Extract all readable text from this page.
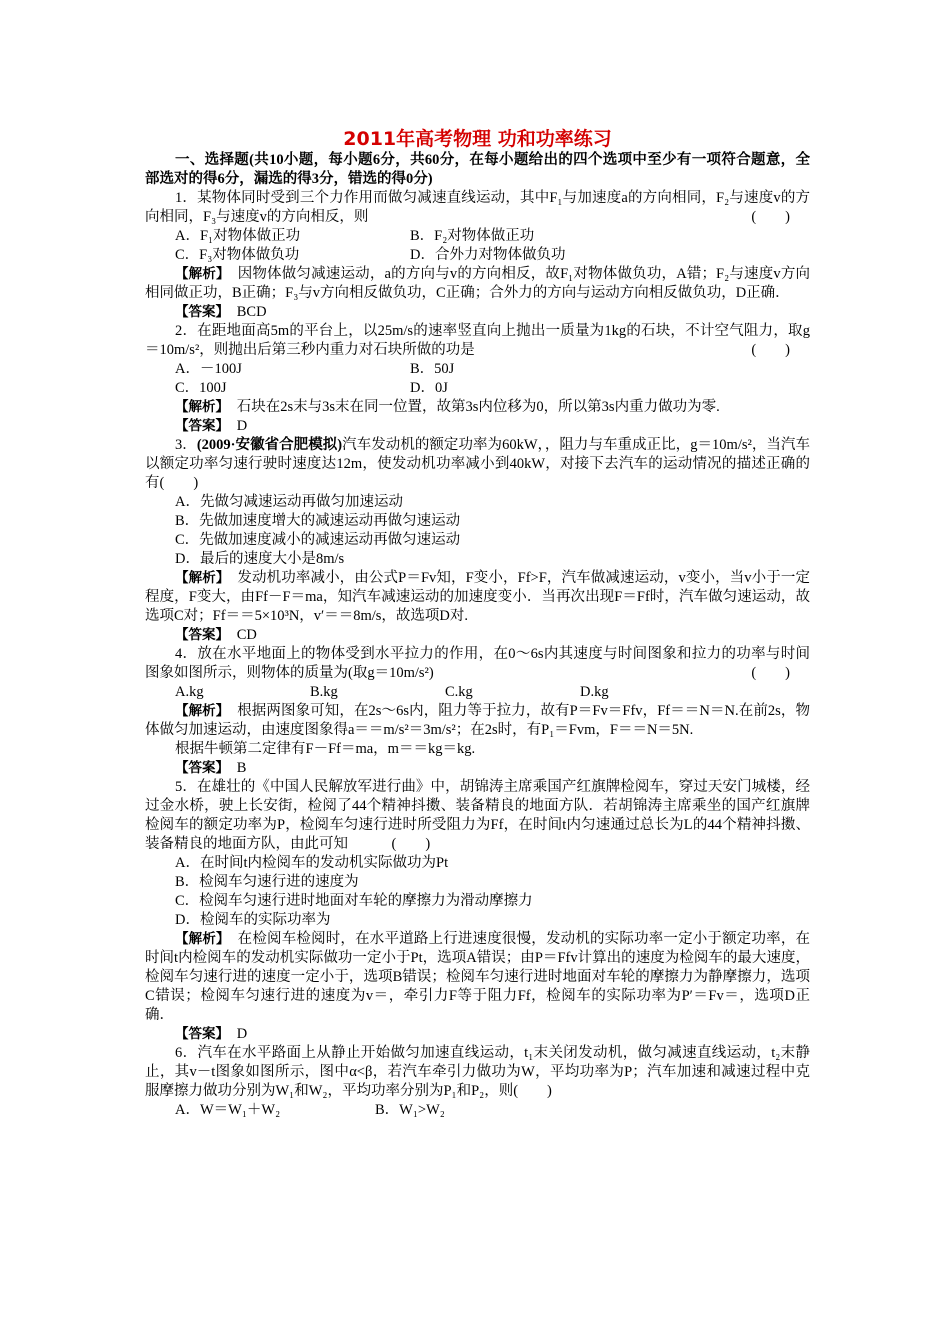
2011年高考物理 功和功率练习

一、选择题(共10小题，每小题6分，共60分，在每小题给出的四个选项中至少有一项符合题意，全部选对的得6分，漏选的得3分，错选的得0分)

1．某物体同时受到三个力作用而做匀减速直线运动，其中F₁与加速度a的方向相同，F₂与速度v的方向相同，F₃与速度v的方向相反，则	(　　)

A．F₁对物体做正功	B．F₂对物体做正功
C．F₃对物体做负功	D．合外力对物体做负功

【解析】　 因物体做匀减速运动，a的方向与v的方向相反，故F₁对物体做负功，A错；F₂与速度v方向相同做正功，B正确；F₃与v方向相反做负功，C正确；合外力的方向与运动方向相反做负功，D正确．

【答案】　 BCD

2．在距地面高5m的平台上，以25m/s的速率竖直向上抛出一质量为1kg的石块，不计空气阻力，取g＝10m/s²，则抛出后第三秒内重力对石块所做的功是	(　　)

A．－100J	B．50J
C．100J	D．0J

【解析】　 石块在2s末与3s末在同一位置，故第3s内位移为0，所以第3s内重力做功为零.

【答案】　 D

3．(2009·安徽省合肥模拟)汽车发动机的额定功率为60kW，，阻力与车重成正比，g＝10m/s²，当汽车以额定功率匀速行驶时速度达12m，使发动机功率减小到40kW，对接下去汽车的运动情况的描述正确的有(　　)

A．先做匀减速运动再做匀加速运动

B．先做加速度增大的减速运动再做匀速运动

C．先做加速度减小的减速运动再做匀速运动

D．最后的速度大小是8m/s

【解析】　 发动机功率减小，由公式P＝Fv知，F变小，Ff>F，汽车做减速运动，v变小，当v小于一定程度，F变大，由Ff－F＝ma，知汽车减速运动的加速度变小．当再次出现F＝Ff时，汽车做匀速运动，故选项C对；Ff＝＝5×10³N，v′＝＝8m/s，故选项D对.

【答案】　 CD

4．放在水平地面上的物体受到水平拉力的作用，在0～6s内其速度与时间图象和拉力的功率与时间图象如图所示，则物体的质量为(取g＝10m/s²)	(　　)

A.kg	B.kg	C.kg	D.kg

【解析】　 根据两图象可知，在2s～6s内，阻力等于拉力，故有P＝Fv＝Ffv，Ff＝＝N＝N.在前2s，物体做匀加速运动，由速度图象得a＝＝m/s²＝3m/s²；在2s时，有P₁＝Fvm，F＝＝N＝5N.

根据牛顿第二定律有F－Ff＝ma，m＝＝kg＝kg.

【答案】　 B

5．在雄壮的《中国人民解放军进行曲》中，胡锦涛主席乘国产红旗牌检阅车，穿过天安门城楼，经过金水桥，驶上长安街，检阅了44个精神抖擞、装备精良的地面方队．若胡锦涛主席乘坐的国产红旗牌检阅车的额定功率为P，检阅车匀速行进时所受阻力为Ff，在时间t内匀速通过总长为L的44个精神抖擞、装备精良的地面方队，由此可知　　　(　　)

A．在时间t内检阅车的发动机实际做功为Pt

B．检阅车匀速行进的速度为

C．检阅车匀速行进时地面对车轮的摩擦力为滑动摩擦力

D．检阅车的实际功率为

【解析】　 在检阅车检阅时，在水平道路上行进速度很慢，发动机的实际功率一定小于额定功率，在时间t内检阅车的发动机实际做功一定小于Pt，选项A错误；由P＝Ffv计算出的速度为检阅车的最大速度，检阅车匀速行进的速度一定小于，选项B错误；检阅车匀速行进时地面对车轮的摩擦力为静摩擦力，选项C错误；检阅车匀速行进的速度为v＝，牵引力F等于阻力Ff，检阅车的实际功率为P′＝Fv＝，选项D正确．

【答案】　 D

6．汽车在水平路面上从静止开始做匀加速直线运动，t₁末关闭发动机，做匀减速直线运动，t₂末静止，其v－t图象如图所示，图中α<β，若汽车牵引力做功为W，平均功率为P；汽车加速和减速过程中克服摩擦力做功分别为W₁和W₂，平均功率分别为P₁和P₂，则(　　)

A．W＝W₁＋W₂	B．W₁>W₂
